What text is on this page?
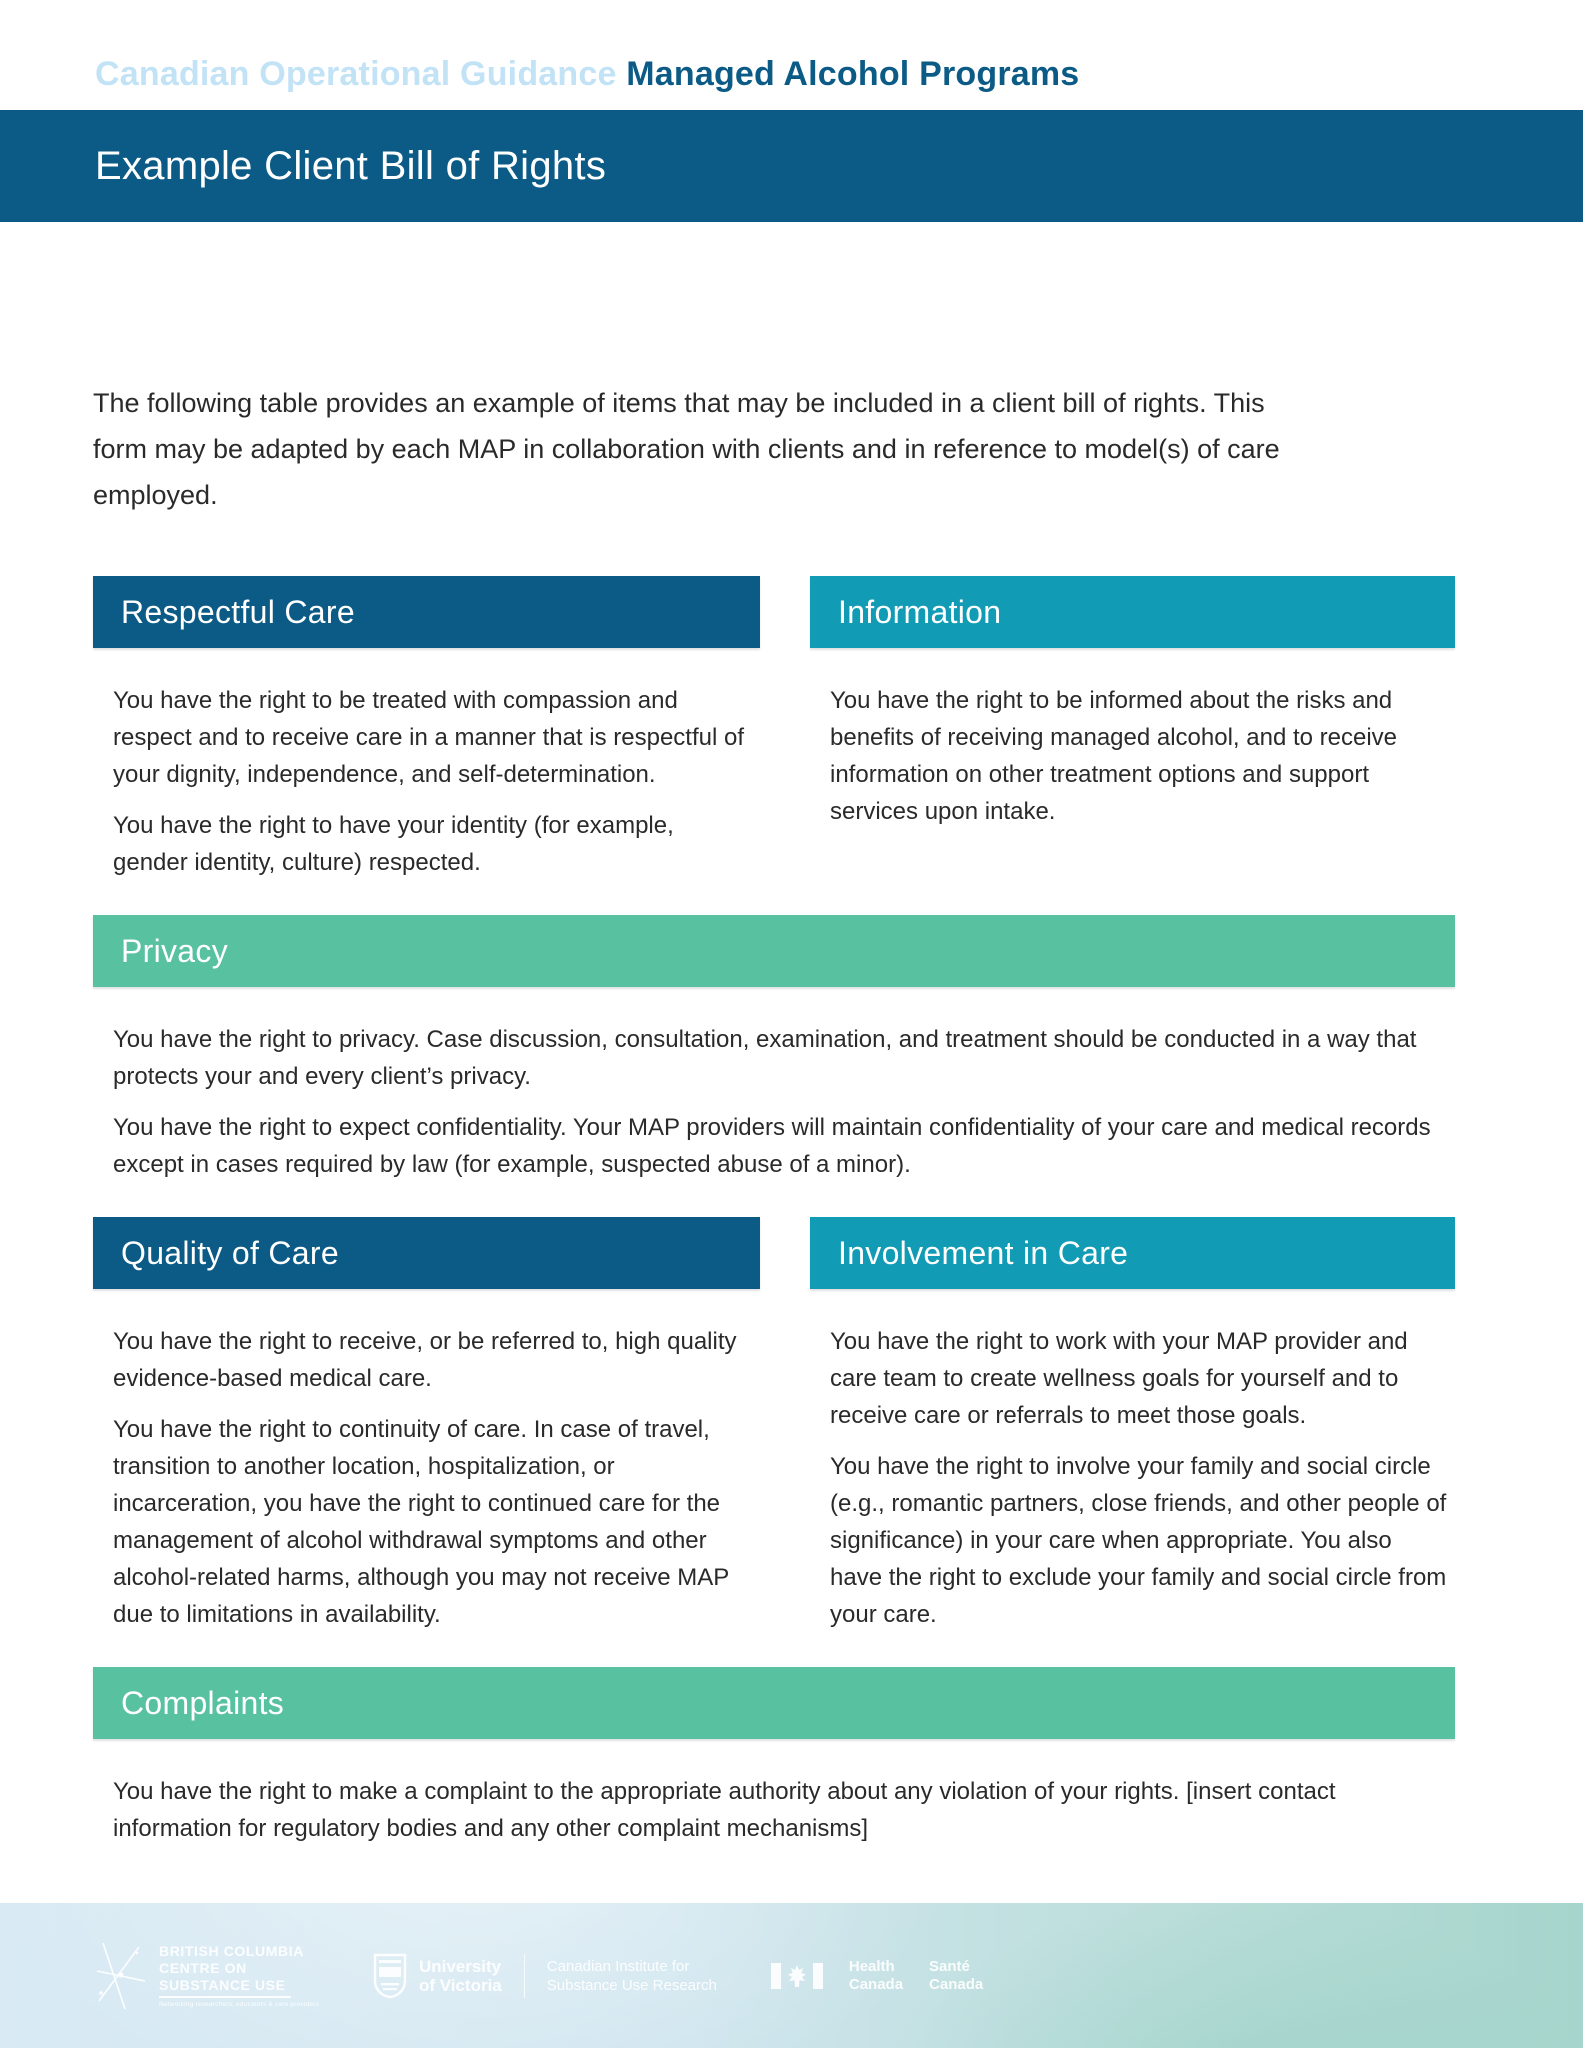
Canadian Operational Guidance Managed Alcohol Programs
Example Client Bill of Rights

The following table provides an example of items that may be included in a client bill of rights. This form may be adapted by each MAP in collaboration with clients and in reference to model(s) of care employed.

Respectful Care

You have the right to be treated with compassion and respect and to receive care in a manner that is respectful of your dignity, independence, and self-determination.

You have the right to have your identity (for example, gender identity, culture) respected.

Information

You have the right to be informed about the risks and benefits of receiving managed alcohol, and to receive information on other treatment options and support services upon intake.

Privacy

You have the right to privacy. Case discussion, consultation, examination, and treatment should be conducted in a way that protects your and every client’s privacy.

You have the right to expect confidentiality. Your MAP providers will maintain confidentiality of your care and medical records except in cases required by law (for example, suspected abuse of a minor).

Quality of Care

You have the right to receive, or be referred to, high quality evidence-based medical care.

You have the right to continuity of care. In case of travel, transition to another location, hospitalization, or incarceration, you have the right to continued care for the management of alcohol withdrawal symptoms and other alcohol-related harms, although you may not receive MAP due to limitations in availability.

Involvement in Care

You have the right to work with your MAP provider and care team to create wellness goals for yourself and to receive care or referrals to meet those goals.

You have the right to involve your family and social circle (e.g., romantic partners, close friends, and other people of significance) in your care when appropriate. You also have the right to exclude your family and social circle from your care.

Complaints

You have the right to make a complaint to the appropriate authority about any violation of your rights. [insert contact information for regulatory bodies and any other complaint mechanisms]

BRITISH COLUMBIA
CENTRE ON
SUBSTANCE USE
Networking researchers, educators & care providers
University
of Victoria
Canadian Institute for
Substance Use Research
Health
Canada
Santé
Canada
